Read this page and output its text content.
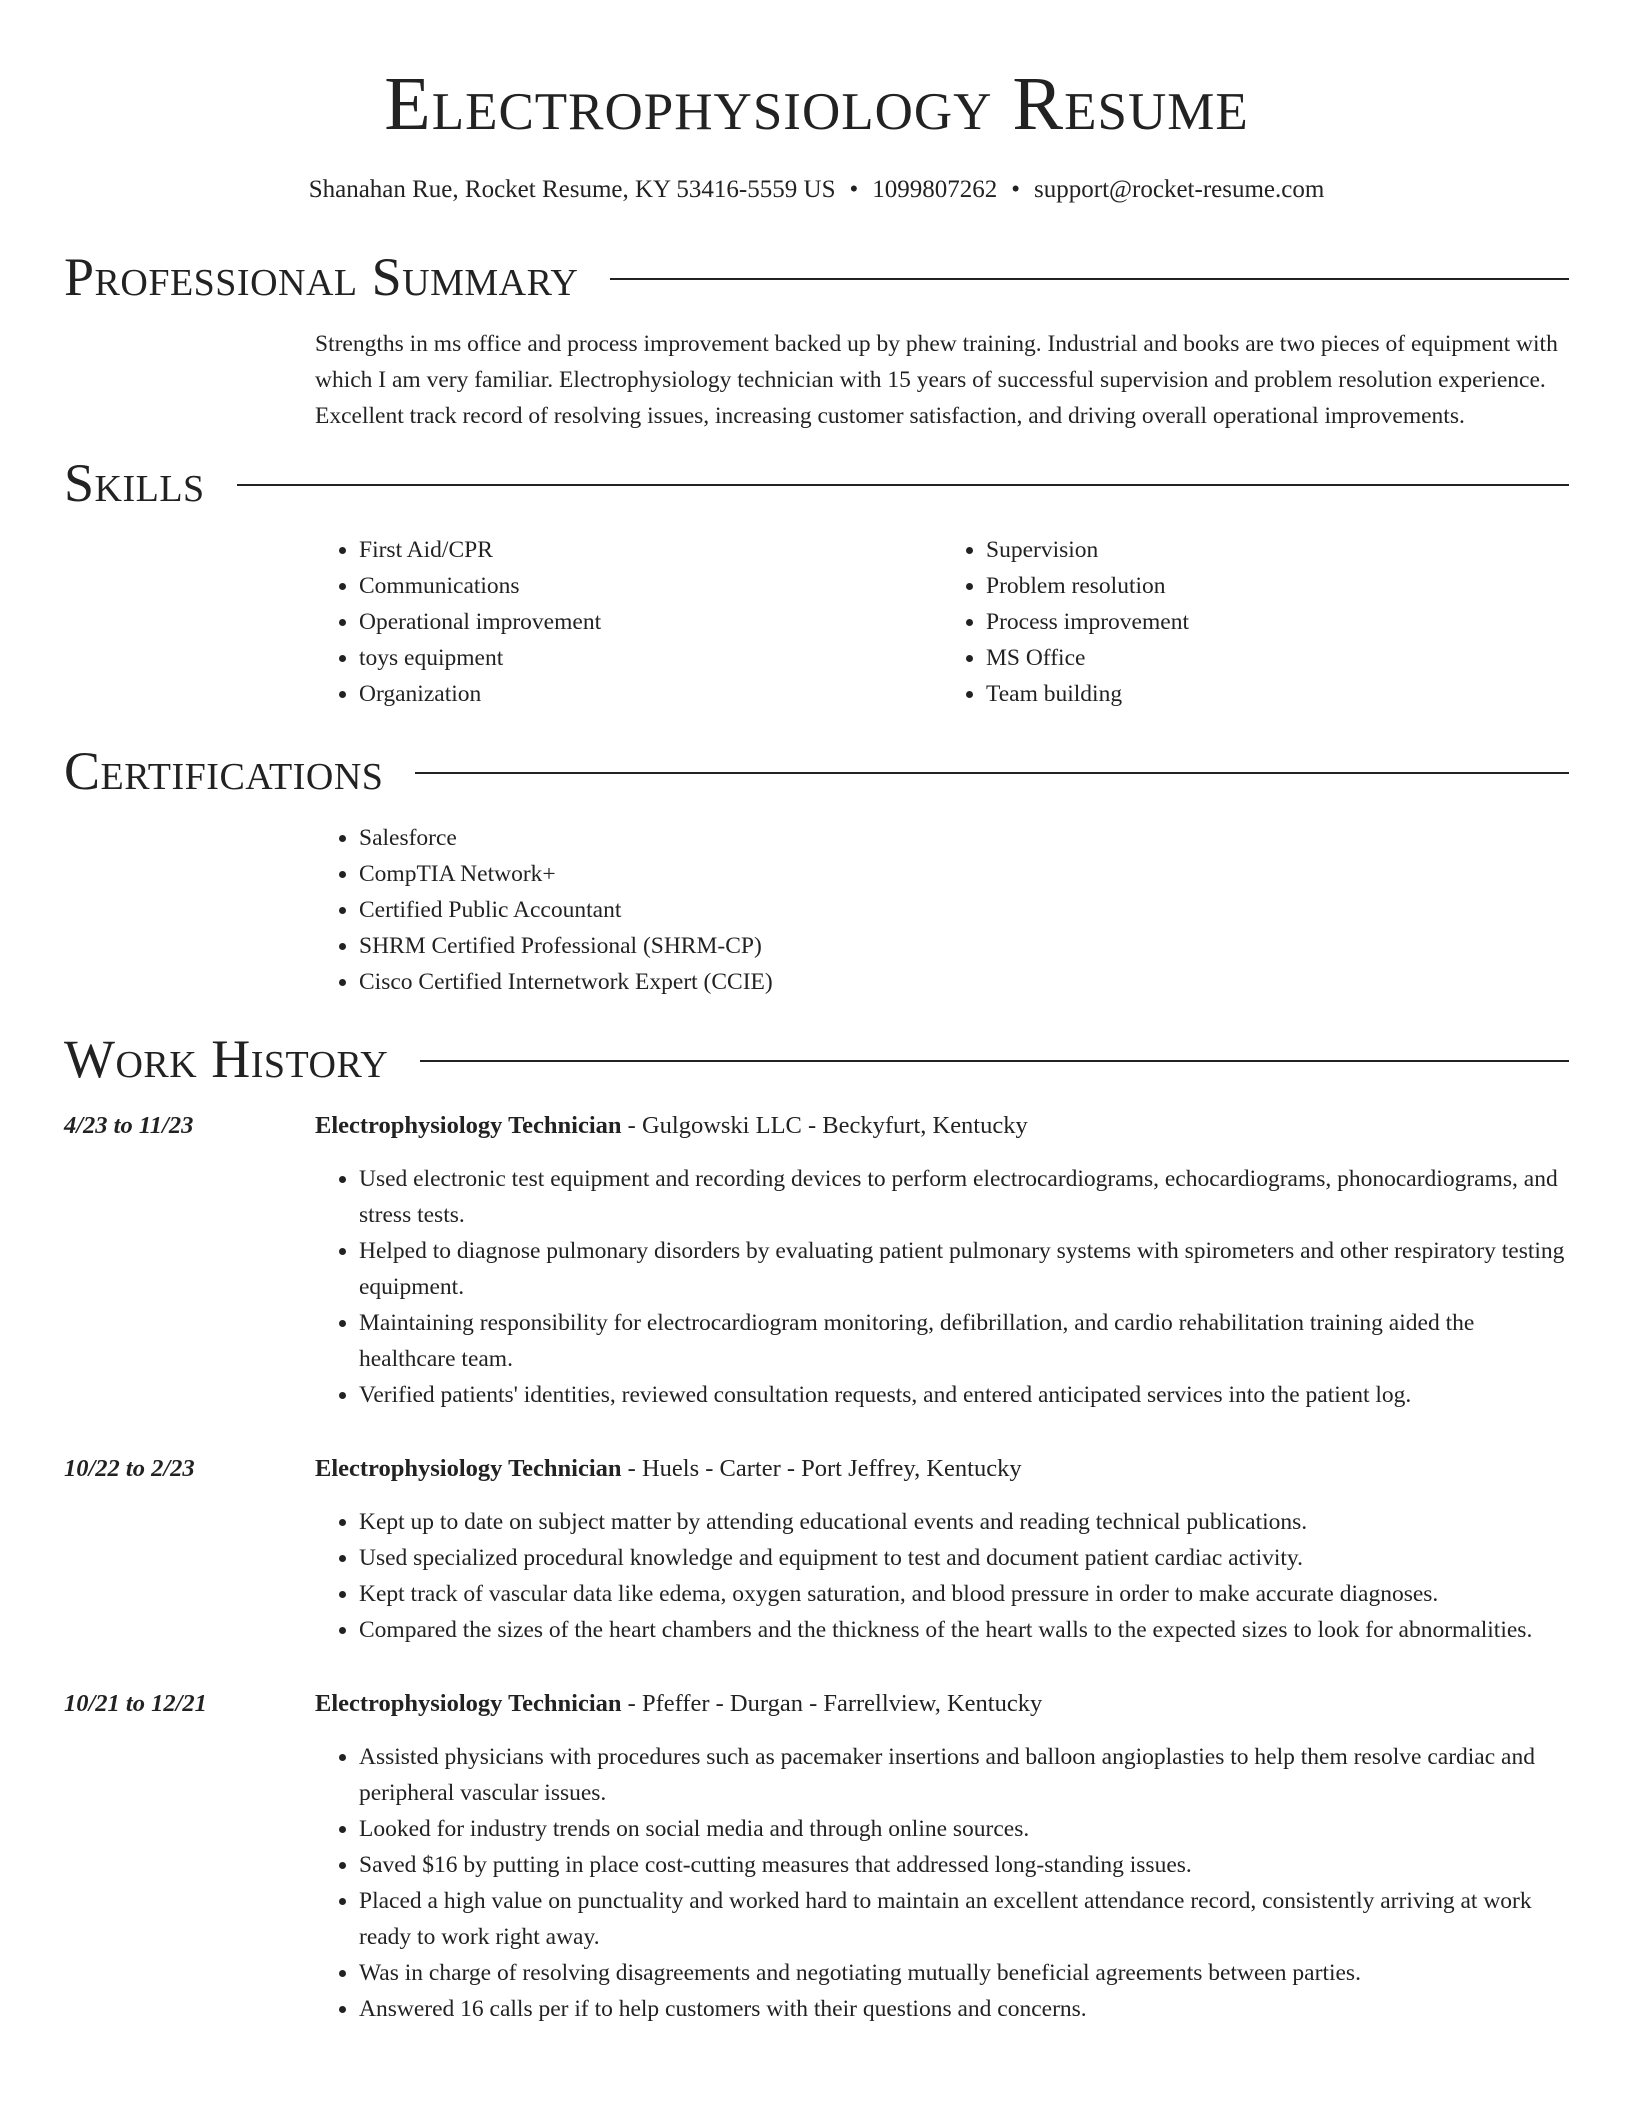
Electrophysiology Resume
Shanahan Rue, Rocket Resume, KY 53416-5559 US • 1099807262 • support@rocket-resume.com
Professional Summary

Strengths in ms office and process improvement backed up by phew training. Industrial and books are two pieces of equipment with which I am very familiar. Electrophysiology technician with 15 years of successful supervision and problem resolution experience. Excellent track record of resolving issues, increasing customer satisfaction, and driving overall operational improvements.

Skills
• First Aid/CPR
• Communications
• Operational improvement
• toys equipment
• Organization
• Supervision
• Problem resolution
• Process improvement
• MS Office
• Team building
Certifications
• Salesforce
• CompTIA Network+
• Certified Public Accountant
• SHRM Certified Professional (SHRM-CP)
• Cisco Certified Internetwork Expert (CCIE)
Work History
4/23 to 11/23	Electrophysiology Technician - Gulgowski LLC - Beckyfurt, Kentucky
• Used electronic test equipment and recording devices to perform electrocardiograms, echocardiograms, phonocardiograms, and stress tests.
• Helped to diagnose pulmonary disorders by evaluating patient pulmonary systems with spirometers and other respiratory testing equipment.
• Maintaining responsibility for electrocardiogram monitoring, defibrillation, and cardio rehabilitation training aided the healthcare team.
• Verified patients' identities, reviewed consultation requests, and entered anticipated services into the patient log.
10/22 to 2/23	Electrophysiology Technician - Huels - Carter - Port Jeffrey, Kentucky
• Kept up to date on subject matter by attending educational events and reading technical publications.
• Used specialized procedural knowledge and equipment to test and document patient cardiac activity.
• Kept track of vascular data like edema, oxygen saturation, and blood pressure in order to make accurate diagnoses.
• Compared the sizes of the heart chambers and the thickness of the heart walls to the expected sizes to look for abnormalities.
10/21 to 12/21	Electrophysiology Technician - Pfeffer - Durgan - Farrellview, Kentucky
• Assisted physicians with procedures such as pacemaker insertions and balloon angioplasties to help them resolve cardiac and peripheral vascular issues.
• Looked for industry trends on social media and through online sources.
• Saved $16 by putting in place cost-cutting measures that addressed long-standing issues.
• Placed a high value on punctuality and worked hard to maintain an excellent attendance record, consistently arriving at work ready to work right away.
• Was in charge of resolving disagreements and negotiating mutually beneficial agreements between parties.
• Answered 16 calls per if to help customers with their questions and concerns.
